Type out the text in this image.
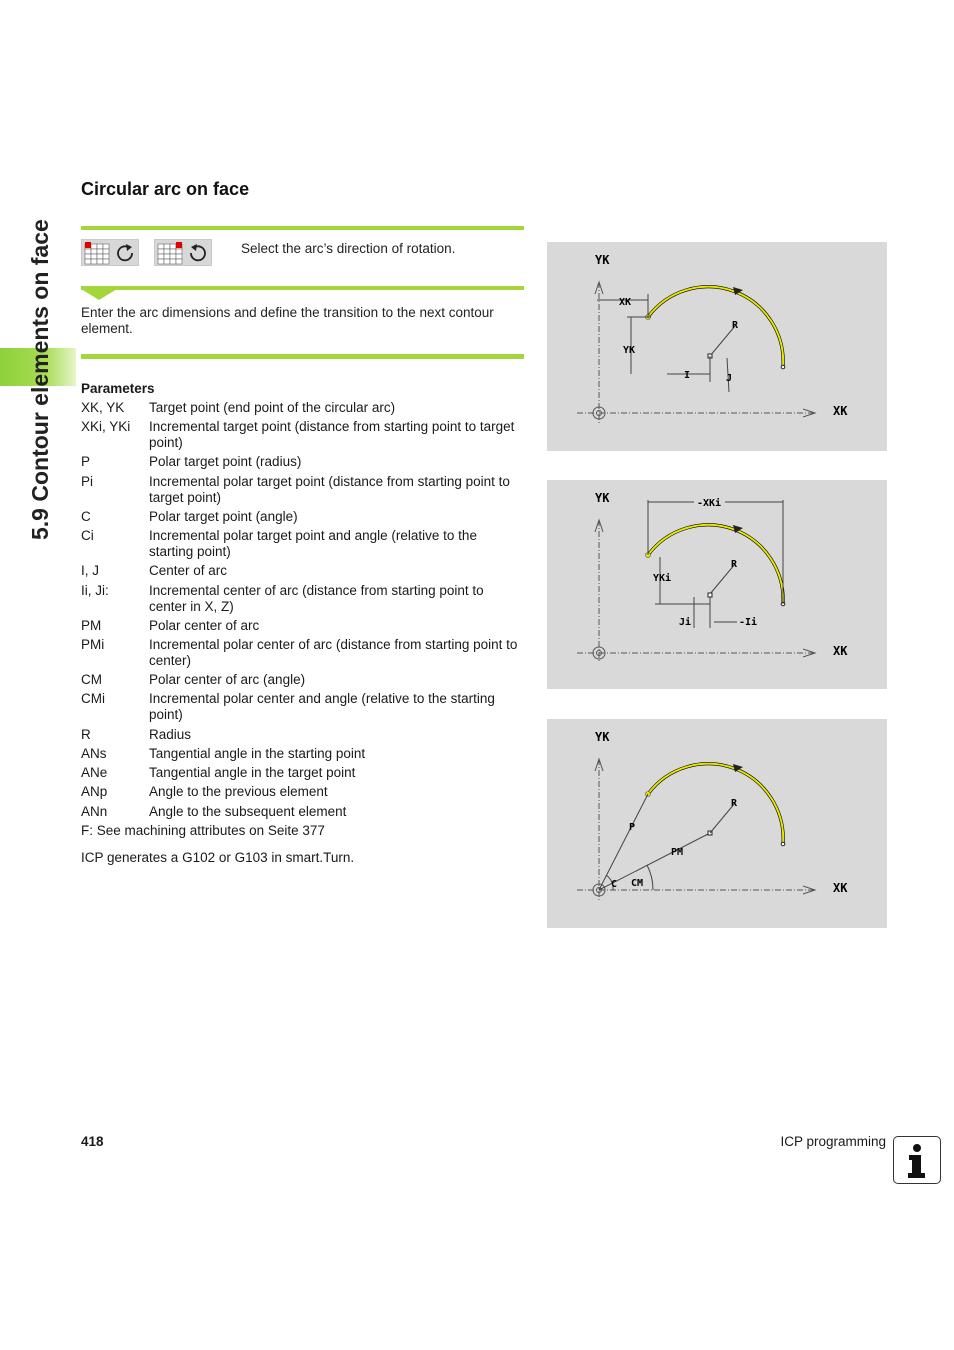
5.9 Contour elements on face
Circular arc on face
Select the arc’s direction of rotation.
Enter the arc dimensions and define the transition to the next contour element.
Parameters
XK, YK	Target point (end point of the circular arc)
XKi, YKi	Incremental target point (distance from starting point to target point)
P	Polar target point (radius)
Pi	Incremental polar target point (distance from starting point to target point)
C	Polar target point (angle)
Ci	Incremental polar target point and angle (relative to the starting point)
I, J	Center of arc
Ii, Ji:	Incremental center of arc (distance from starting point to center in X, Z)
PM	Polar center of arc
PMi	Incremental polar center of arc (distance from starting point to center)
CM	Polar center of arc (angle)
CMi	Incremental polar center and angle (relative to the starting point)
R	Radius
ANs	Tangential angle in the starting point
ANe	Tangential angle in the target point
ANp	Angle to the previous element
ANn	Angle to the subsequent element
F: See machining attributes on Seite 377
ICP generates a G102 or G103 in smart.Turn.
YK
XK
XK
YK
R
I	J
YK
XK
-XKi
YKi
R
Ji	-Ii
YK
XK
P
PM
R
C CM
418	ICP programming
